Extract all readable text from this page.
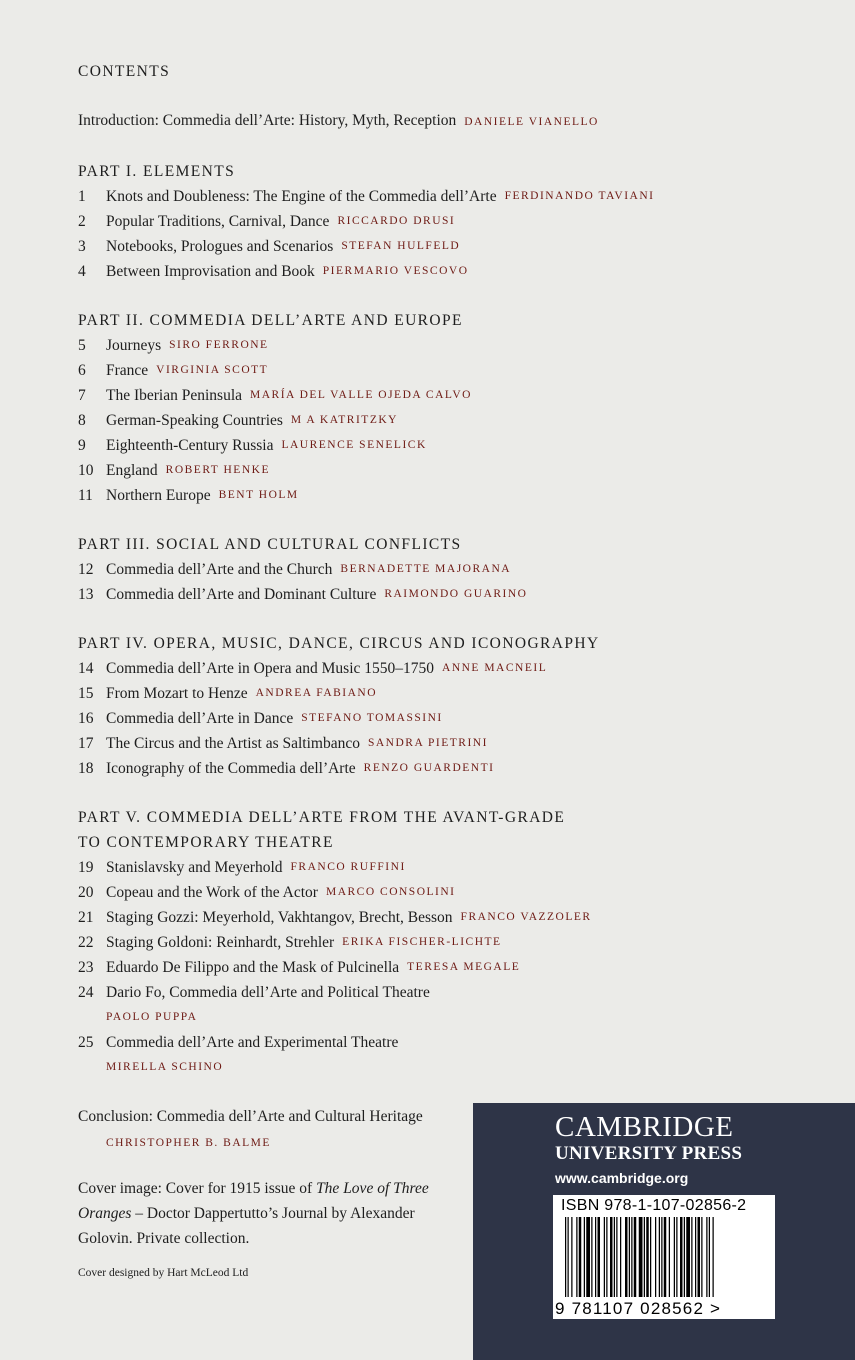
CONTENTS
Introduction: Commedia dell’Arte: History, Myth, Reception DANIELE VIANELLO
PART I. ELEMENTS
1	Knots and Doubleness: The Engine of the Commedia dell’Arte FERDINANDO TAVIANI
2	Popular Traditions, Carnival, Dance RICCARDO DRUSI
3	Notebooks, Prologues and Scenarios STEFAN HULFELD
4	Between Improvisation and Book PIERMARIO VESCOVO
PART II. COMMEDIA DELL’ARTE AND EUROPE
5	Journeys SIRO FERRONE
6	France VIRGINIA SCOTT
7	The Iberian Peninsula MARÍA DEL VALLE OJEDA CALVO
8	German-Speaking Countries M A KATRITZKY
9	Eighteenth-Century Russia LAURENCE SENELICK
10 England ROBERT HENKE
11 Northern Europe BENT HOLM
PART III. SOCIAL AND CULTURAL CONFLICTS
12 Commedia dell’Arte and the Church BERNADETTE MAJORANA
13 Commedia dell’Arte and Dominant Culture RAIMONDO GUARINO
PART IV. OPERA, MUSIC, DANCE, CIRCUS AND ICONOGRAPHY
14 Commedia dell’Arte in Opera and Music 1550–1750 ANNE MACNEIL
15 From Mozart to Henze ANDREA FABIANO
16 Commedia dell’Arte in Dance STEFANO TOMASSINI
17 The Circus and the Artist as Saltimbanco SANDRA PIETRINI
18 Iconography of the Commedia dell’Arte RENZO GUARDENTI
PART V. COMMEDIA DELL’ARTE FROM THE AVANT-GRADE
TO CONTEMPORARY THEATRE
19 Stanislavsky and Meyerhold FRANCO RUFFINI
20 Copeau and the Work of the Actor MARCO CONSOLINI
21 Staging Gozzi: Meyerhold, Vakhtangov, Brecht, Besson FRANCO VAZZOLER
22 Staging Goldoni: Reinhardt, Strehler ERIKA FISCHER-LICHTE
23 Eduardo De Filippo and the Mask of Pulcinella TERESA MEGALE
24 Dario Fo, Commedia dell’Arte and Political Theatre
PAOLO PUPPA
25 Commedia dell’Arte and Experimental Theatre
MIRELLA SCHINO
Conclusion: Commedia dell’Arte and Cultural Heritage
CHRISTOPHER B. BALME
Cover image: Cover for 1915 issue of The Love of Three Oranges – Doctor Dappertutto’s Journal by Alexander Golovin. Private collection.
Cover designed by Hart McLeod Ltd
CAMBRIDGE
UNIVERSITY PRESS
www.cambridge.org
ISBN 978-1-107-02856-2
9 781107 028562 >
